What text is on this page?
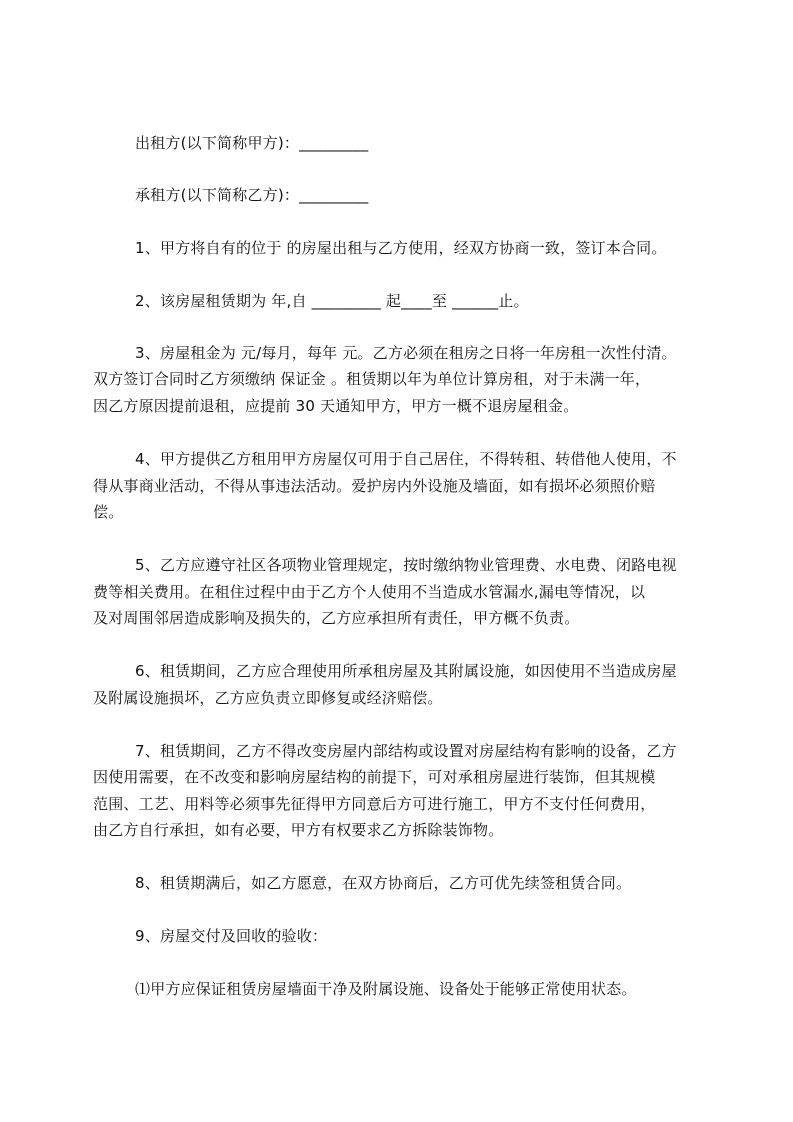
出租方(以下简称甲方)：_________
承租方(以下简称乙方)：_________
1、甲方将自有的位于 的房屋出租与乙方使用，经双方协商一致，签订本合同。
2、该房屋租赁期为 年,自 _________ 起____至 ______止。
3、房屋租金为 元/每月，每年 元。乙方必须在租房之日将一年房租一次性付清。
双方签订合同时乙方须缴纳 保证金 。租赁期以年为单位计算房租，对于未满一年，
因乙方原因提前退租，应提前 30 天通知甲方，甲方一概不退房屋租金。
4、甲方提供乙方租用甲方房屋仅可用于自己居住，不得转租、转借他人使用，不
得从事商业活动，不得从事违法活动。爱护房内外设施及墙面，如有损坏必须照价赔
偿。
5、乙方应遵守社区各项物业管理规定，按时缴纳物业管理费、水电费、闭路电视
费等相关费用。在租住过程中由于乙方个人使用不当造成水管漏水,漏电等情况，以
及对周围邻居造成影响及损失的，乙方应承担所有责任，甲方概不负责。
6、租赁期间，乙方应合理使用所承租房屋及其附属设施，如因使用不当造成房屋
及附属设施损坏，乙方应负责立即修复或经济赔偿。
7、租赁期间，乙方不得改变房屋内部结构或设置对房屋结构有影响的设备，乙方
因使用需要，在不改变和影响房屋结构的前提下，可对承租房屋进行装饰，但其规模
范围、工艺、用料等必须事先征得甲方同意后方可进行施工，甲方不支付任何费用，
由乙方自行承担，如有必要，甲方有权要求乙方拆除装饰物。
8、租赁期满后，如乙方愿意，在双方协商后，乙方可优先续签租赁合同。
9、房屋交付及回收的验收：
⑴甲方应保证租赁房屋墙面干净及附属设施、设备处于能够正常使用状态。
